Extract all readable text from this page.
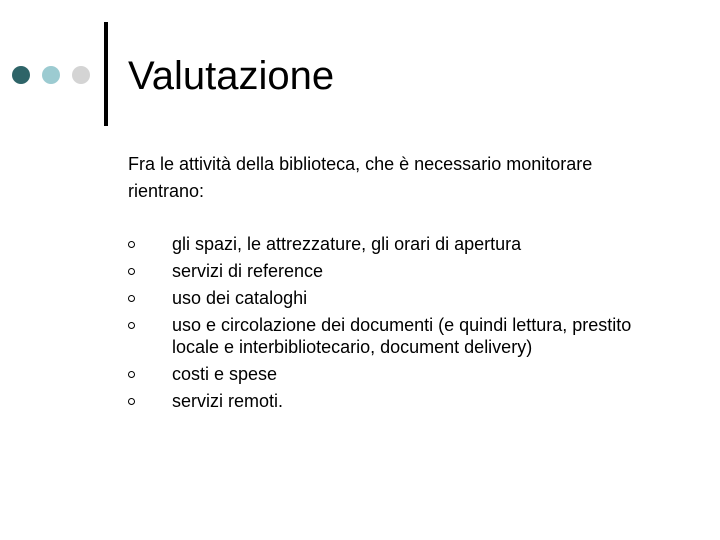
Valutazione
Fra le attività della biblioteca, che è necessario monitorare rientrano:
gli spazi, le attrezzature, gli orari di apertura
servizi di reference
uso dei cataloghi
uso e circolazione dei documenti (e quindi lettura, prestito locale e interbibliotecario, document delivery)
costi e spese
servizi remoti.
